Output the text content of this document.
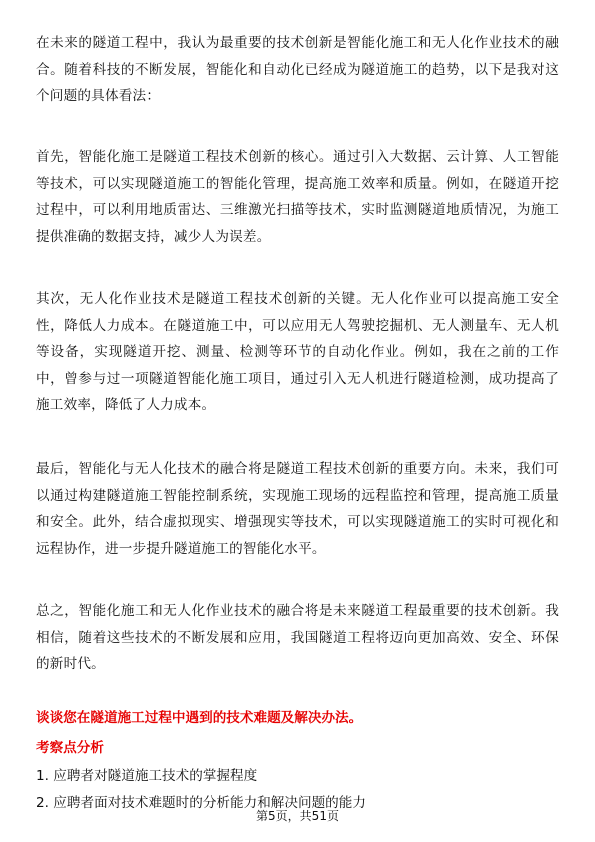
在未来的隧道工程中，我认为最重要的技术创新是智能化施工和无人化作业技术的融合。随着科技的不断发展，智能化和自动化已经成为隧道施工的趋势，以下是我对这个问题的具体看法：

首先，智能化施工是隧道工程技术创新的核心。通过引入大数据、云计算、人工智能等技术，可以实现隧道施工的智能化管理，提高施工效率和质量。例如，在隧道开挖过程中，可以利用地质雷达、三维激光扫描等技术，实时监测隧道地质情况，为施工提供准确的数据支持，减少人为误差。

其次，无人化作业技术是隧道工程技术创新的关键。无人化作业可以提高施工安全性，降低人力成本。在隧道施工中，可以应用无人驾驶挖掘机、无人测量车、无人机等设备，实现隧道开挖、测量、检测等环节的自动化作业。例如，我在之前的工作中，曾参与过一项隧道智能化施工项目，通过引入无人机进行隧道检测，成功提高了施工效率，降低了人力成本。

最后，智能化与无人化技术的融合将是隧道工程技术创新的重要方向。未来，我们可以通过构建隧道施工智能控制系统，实现施工现场的远程监控和管理，提高施工质量和安全。此外，结合虚拟现实、增强现实等技术，可以实现隧道施工的实时可视化和远程协作，进一步提升隧道施工的智能化水平。

总之，智能化施工和无人化作业技术的融合将是未来隧道工程最重要的技术创新。我相信，随着这些技术的不断发展和应用，我国隧道工程将迈向更加高效、安全、环保的新时代。

谈谈您在隧道施工过程中遇到的技术难题及解决办法。

考察点分析

1. 应聘者对隧道施工技术的掌握程度

2. 应聘者面对技术难题时的分析能力和解决问题的能力

第5页，共51页
